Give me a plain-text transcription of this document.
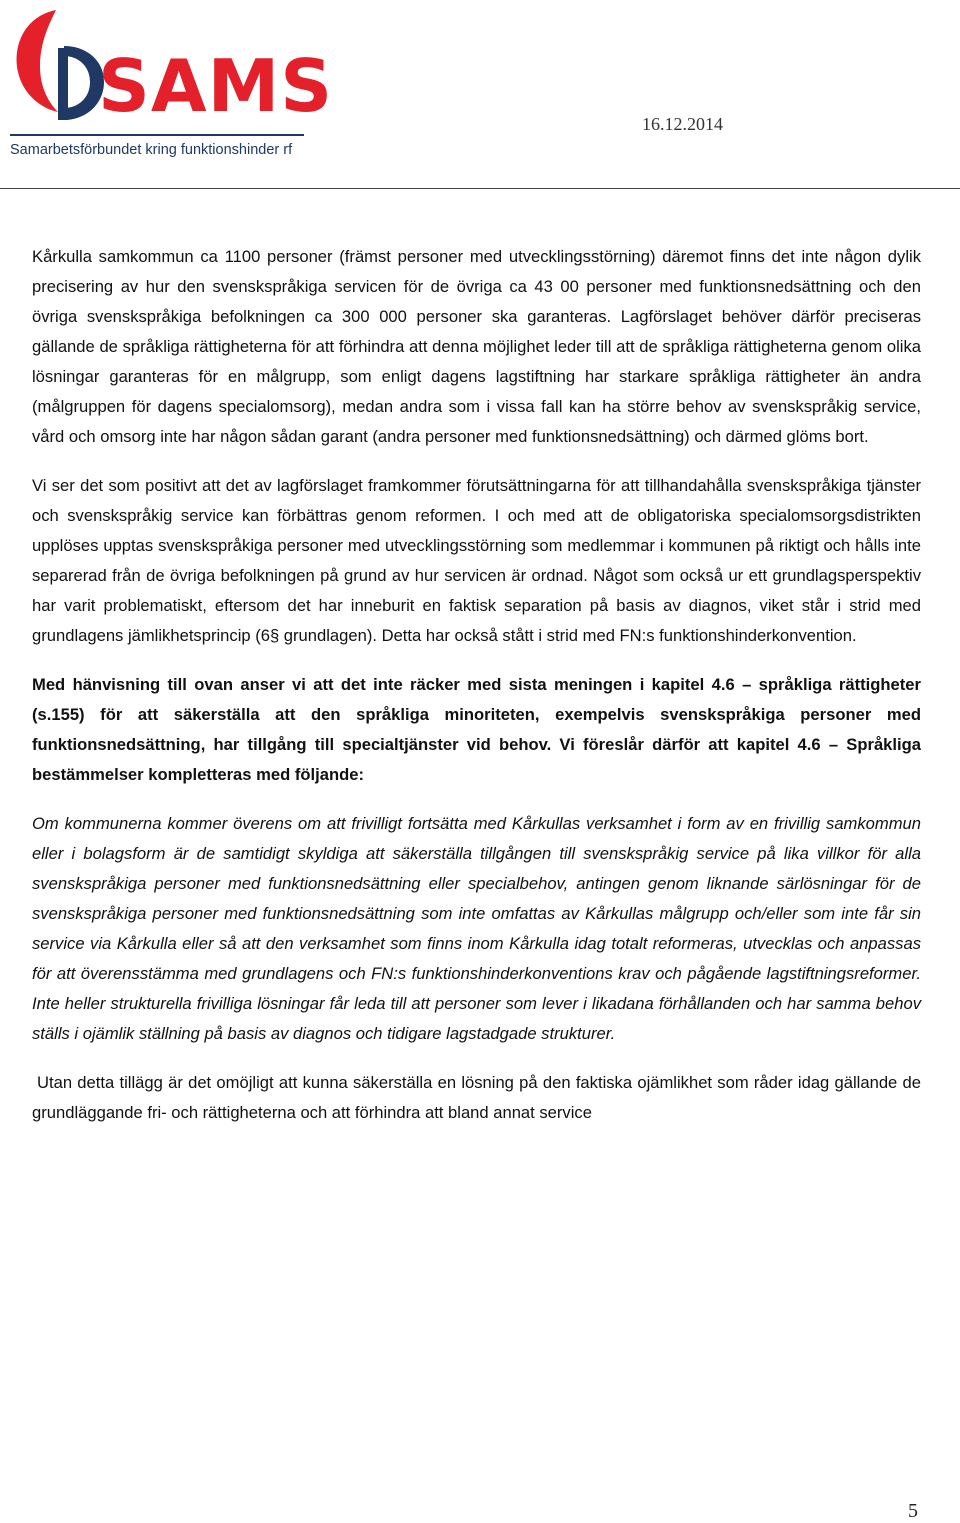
SAMS
Samarbetsförbundet kring funktionshinder rf
16.12.2014

Kårkulla samkommun ca 1100 personer (främst personer med utvecklingsstörning) däremot finns det inte någon dylik precisering av hur den svenskspråkiga servicen för de övriga ca 43 00 personer med funktionsnedsättning och den övriga svenskspråkiga befolkningen ca 300 000 personer ska garanteras. Lagförslaget behöver därför preciseras gällande de språkliga rättigheterna för att förhindra att denna möjlighet leder till att de språkliga rättigheterna genom olika lösningar garanteras för en målgrupp, som enligt dagens lagstiftning har starkare språkliga rättigheter än andra (målgruppen för dagens specialomsorg), medan andra som i vissa fall kan ha större behov av svenskspråkig service, vård och omsorg inte har någon sådan garant (andra personer med funktionsnedsättning) och därmed glöms bort.

Vi ser det som positivt att det av lagförslaget framkommer förutsättningarna för att tillhandahålla svenskspråkiga tjänster och svenskspråkig service kan förbättras genom reformen. I och med att de obligatoriska specialomsorgsdistrikten upplöses upptas svenskspråkiga personer med utvecklingsstörning som medlemmar i kommunen på riktigt och hålls inte separerad från de övriga befolkningen på grund av hur servicen är ordnad. Något som också ur ett grundlagsperspektiv har varit problematiskt, eftersom det har inneburit en faktisk separation på basis av diagnos, viket står i strid med grundlagens jämlikhetsprincip (6§ grundlagen). Detta har också stått i strid med FN:s funktionshinderkonvention.

Med hänvisning till ovan anser vi att det inte räcker med sista meningen i kapitel 4.6 – språkliga rättigheter (s.155) för att säkerställa att den språkliga minoriteten, exempelvis svenskspråkiga personer med funktionsnedsättning, har tillgång till specialtjänster vid behov. Vi föreslår därför att kapitel 4.6 – Språkliga bestämmelser kompletteras med följande:

Om kommunerna kommer överens om att frivilligt fortsätta med Kårkullas verksamhet i form av en frivillig samkommun eller i bolagsform är de samtidigt skyldiga att säkerställa tillgången till svenskspråkig service på lika villkor för alla svenskspråkiga personer med funktionsnedsättning eller specialbehov, antingen genom liknande särlösningar för de svenskspråkiga personer med funktionsnedsättning som inte omfattas av Kårkullas målgrupp och/eller som inte får sin service via Kårkulla eller så att den verksamhet som finns inom Kårkulla idag totalt reformeras, utvecklas och anpassas för att överensstämma med grundlagens och FN:s funktionshinderkonventions krav och pågående lagstiftningsreformer. Inte heller strukturella frivilliga lösningar får leda till att personer som lever i likadana förhållanden och har samma behov ställs i ojämlik ställning på basis av diagnos och tidigare lagstadgade strukturer.

Utan detta tillägg är det omöjligt att kunna säkerställa en lösning på den faktiska ojämlikhet som råder idag gällande de grundläggande fri- och rättigheterna och att förhindra att bland annat service

5
